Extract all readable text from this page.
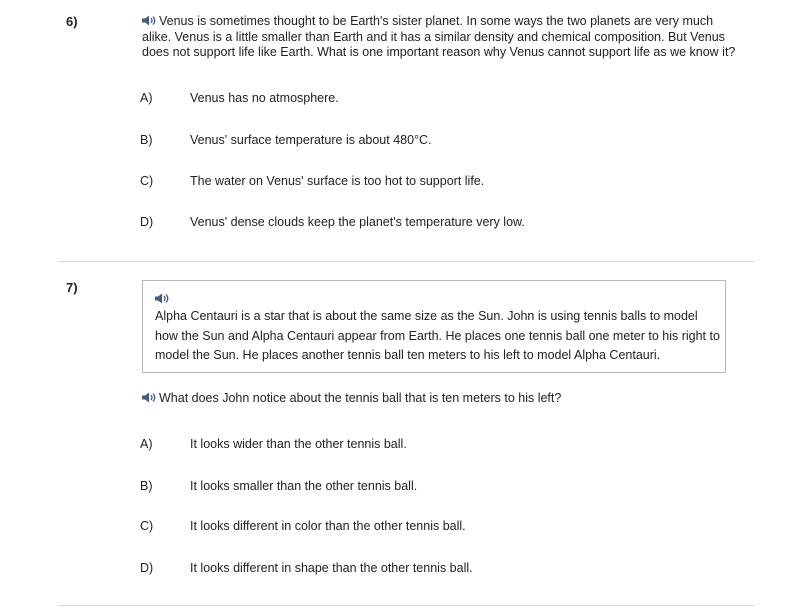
6)	Venus is sometimes thought to be Earth's sister planet. In some ways the two planets are very much alike. Venus is a little smaller than Earth and it has a similar density and chemical composition. But Venus does not support life like Earth. What is one important reason why Venus cannot support life as we know it?
A)	Venus has no atmosphere.
B)	Venus' surface temperature is about 480°C.
C)	The water on Venus' surface is too hot to support life.
D)	Venus' dense clouds keep the planet's temperature very low.
7)
Alpha Centauri is a star that is about the same size as the Sun. John is using tennis balls to model how the Sun and Alpha Centauri appear from Earth. He places one tennis ball one meter to his right to model the Sun. He places another tennis ball ten meters to his left to model Alpha Centauri.
What does John notice about the tennis ball that is ten meters to his left?
A)	It looks wider than the other tennis ball.
B)	It looks smaller than the other tennis ball.
C)	It looks different in color than the other tennis ball.
D)	It looks different in shape than the other tennis ball.
